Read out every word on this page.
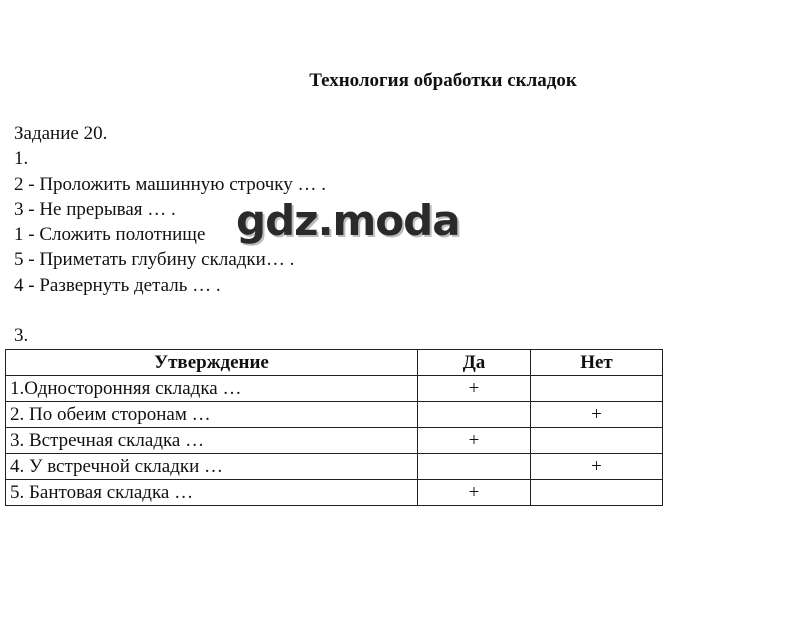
Технология обработки складок
Задание 20.
1.
2 - Проложить машинную строчку … .
3 - Не прерывая … .
1 - Сложить полотнище
5 - Приметать глубину складки… .
4 - Развернуть деталь … .
3.
gdz.moda
Утверждение	Да	Нет
1.Односторонняя складка …	+	
2. По обеим сторонам …		+
3. Встречная складка …	+	
4. У встречной складки …		+
5. Бантовая складка …	+	
